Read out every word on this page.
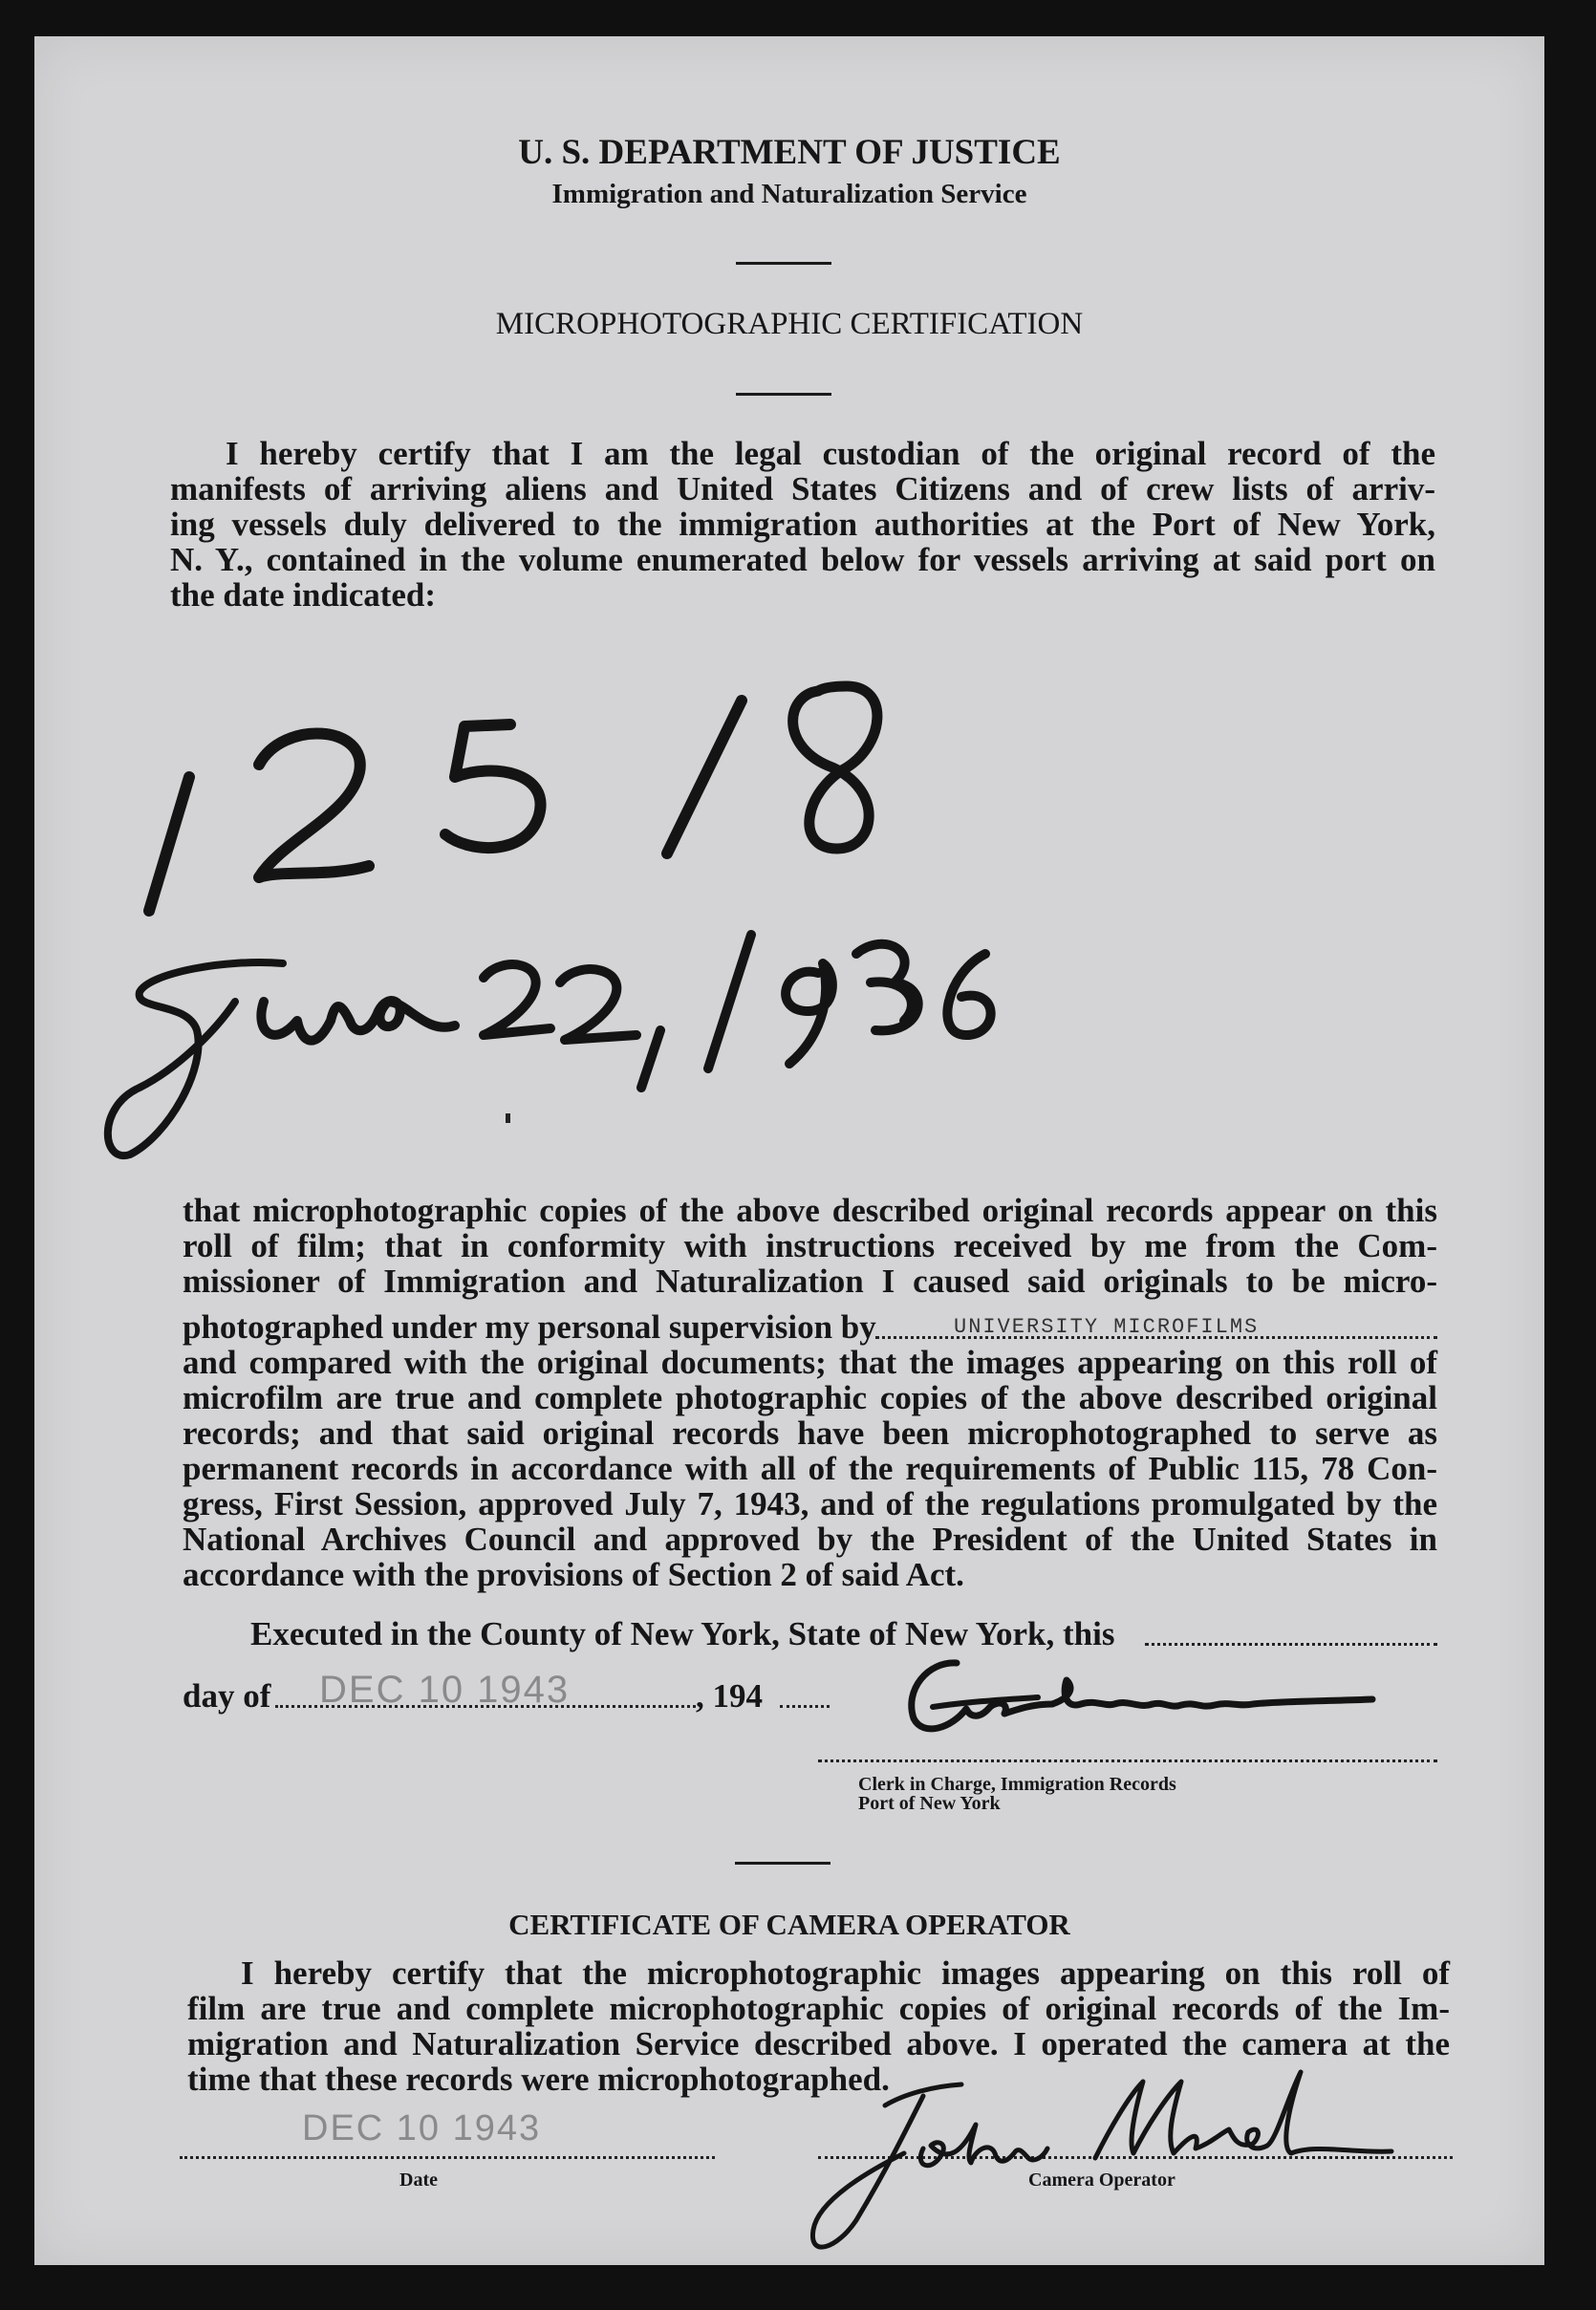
U. S. DEPARTMENT OF JUSTICE
Immigration and Naturalization Service
MICROPHOTOGRAPHIC CERTIFICATION
I hereby certify that I am the legal custodian of the original record of the
manifests of arriving aliens and United States Citizens and of crew lists of arriv-
ing vessels duly delivered to the immigration authorities at the Port of New York,
N. Y., contained in the volume enumerated below for vessels arriving at said port on
the date indicated:
that microphotographic copies of the above described original records appear on this
roll of film; that in conformity with instructions received by me from the Com-
missioner of Immigration and Naturalization I caused said originals to be micro-
photographed under my personal supervision by	UNIVERSITY MICROFILMS
and compared with the original documents; that the images appearing on this roll of
microfilm are true and complete photographic copies of the above described original
records; and that said original records have been microphotographed to serve as
permanent records in accordance with all of the requirements of Public 115, 78 Con-
gress, First Session, approved July 7, 1943, and of the regulations promulgated by the
National Archives Council and approved by the President of the United States in
accordance with the provisions of Section 2 of said Act.
Executed in the County of New York, State of New York, this
day of DEC 10 1943	, 194
Clerk in Charge, Immigration Records
Port of New York
CERTIFICATE OF CAMERA OPERATOR
I hereby certify that the microphotographic images appearing on this roll of
film are true and complete microphotographic copies of original records of the Im-
migration and Naturalization Service described above. I operated the camera at the
time that these records were microphotographed.
DEC 10 1943
Date	Camera Operator
